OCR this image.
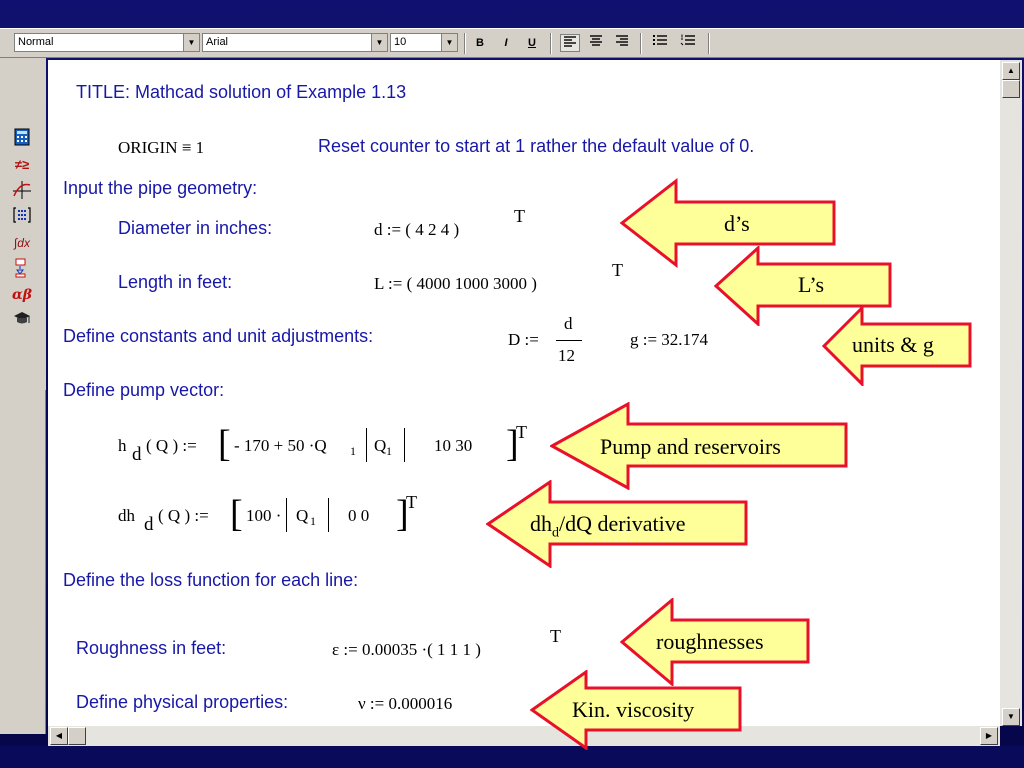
Normal	▼ Arial	▼ 10	▼	B	I	U
≠≥
∫dx
αβ
TITLE: Mathcad solution of Example 1.13
ORIGIN ≡ 1	Reset counter to start at 1 rather the default value of 0.
Input the pipe geometry:
Diameter in inches:	d := ( 4 2 4 )
T
Length in feet:	L := ( 4000 1000 3000 )
T
Define constants and unit adjustments:	D :=
d
12
g := 32.174
Define pump vector:
h d ( Q ) := [ - 170 + 50 ·Q 1 Q 1 10 30 ]
T
dh d ( Q ) := [ 100 · Q 1 0 0 ]
T
Define the loss function for each line:
Roughness in feet:	ε := 0.00035 ·( 1 1 1 )
T
Define physical properties:	ν := 0.000016
▲
▼
◀	▶
d’s
L’s
units & g
Pump and reservoirs
$dh_d/dQ$ derivative
roughnesses
Kin. viscosity
